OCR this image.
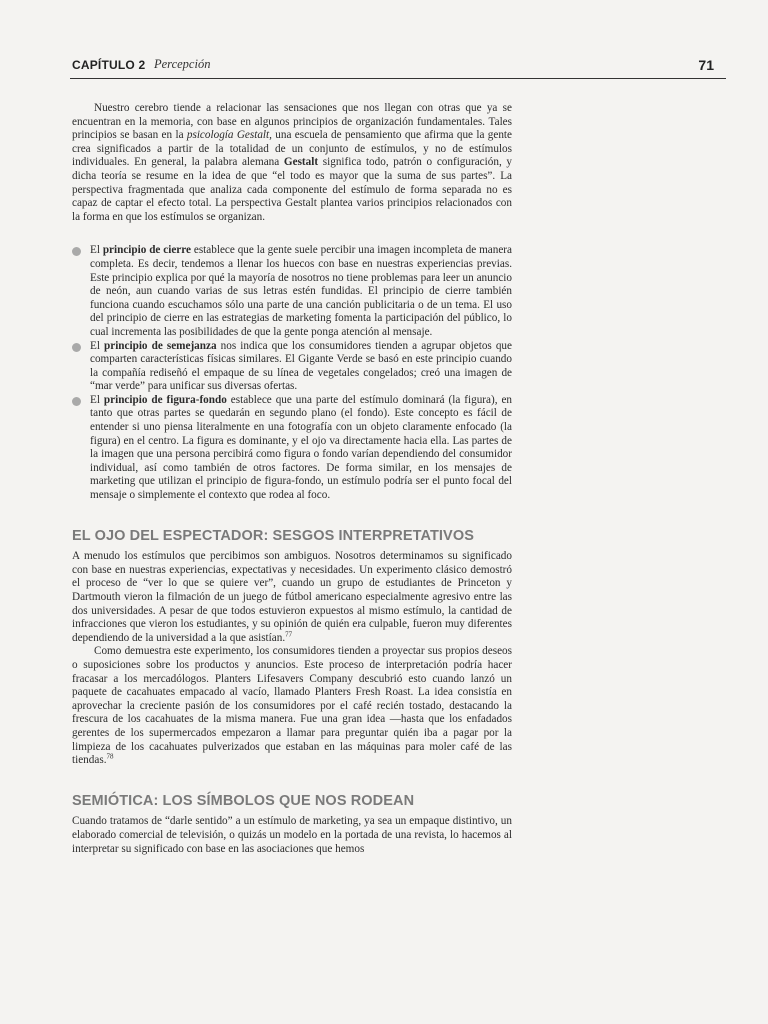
CAPÍTULO 2 Percepción	71

Nuestro cerebro tiende a relacionar las sensaciones que nos llegan con otras que ya se encuentran en la memoria, con base en algunos principios de organización fundamentales. Tales principios se basan en la psicología Gestalt, una escuela de pensamiento que afirma que la gente crea significados a partir de la totalidad de un conjunto de estímulos, y no de estímulos individuales. En general, la palabra alemana Gestalt significa todo, patrón o configuración, y dicha teoría se resume en la idea de que “el todo es mayor que la suma de sus partes”. La perspectiva fragmentada que analiza cada componente del estímulo de forma separada no es capaz de captar el efecto total. La perspectiva Gestalt plantea varios principios relacionados con la forma en que los estímulos se organizan.

El principio de cierre establece que la gente suele percibir una imagen incompleta de manera completa. Es decir, tendemos a llenar los huecos con base en nuestras experiencias previas. Este principio explica por qué la mayoría de nosotros no tiene problemas para leer un anuncio de neón, aun cuando varias de sus letras estén fundidas. El principio de cierre también funciona cuando escuchamos sólo una parte de una canción publicitaria o de un tema. El uso del principio de cierre en las estrategias de marketing fomenta la participación del público, lo cual incrementa las posibilidades de que la gente ponga atención al mensaje.
El principio de semejanza nos indica que los consumidores tienden a agrupar objetos que comparten características físicas similares. El Gigante Verde se basó en este principio cuando la compañía rediseñó el empaque de su línea de vegetales congelados; creó una imagen de “mar verde” para unificar sus diversas ofertas.
El principio de figura-fondo establece que una parte del estímulo dominará (la figura), en tanto que otras partes se quedarán en segundo plano (el fondo). Este concepto es fácil de entender si uno piensa literalmente en una fotografía con un objeto claramente enfocado (la figura) en el centro. La figura es dominante, y el ojo va directamente hacia ella. Las partes de la imagen que una persona percibirá como figura o fondo varían dependiendo del consumidor individual, así como también de otros factores. De forma similar, en los mensajes de marketing que utilizan el principio de figura-fondo, un estímulo podría ser el punto focal del mensaje o simplemente el contexto que rodea al foco.
EL OJO DEL ESPECTADOR: SESGOS INTERPRETATIVOS

A menudo los estímulos que percibimos son ambiguos. Nosotros determinamos su significado con base en nuestras experiencias, expectativas y necesidades. Un experimento clásico demostró el proceso de “ver lo que se quiere ver”, cuando un grupo de estudiantes de Princeton y Dartmouth vieron la filmación de un juego de fútbol americano especialmente agresivo entre las dos universidades. A pesar de que todos estuvieron expuestos al mismo estímulo, la cantidad de infracciones que vieron los estudiantes, y su opinión de quién era culpable, fueron muy diferentes dependiendo de la universidad a la que asistían.$^{77}$

Como demuestra este experimento, los consumidores tienden a proyectar sus propios deseos o suposiciones sobre los productos y anuncios. Este proceso de interpretación podría hacer fracasar a los mercadólogos. Planters Lifesavers Company descubrió esto cuando lanzó un paquete de cacahuates empacado al vacío, llamado Planters Fresh Roast. La idea consistía en aprovechar la creciente pasión de los consumidores por el café recién tostado, destacando la frescura de los cacahuates de la misma manera. Fue una gran idea —hasta que los enfadados gerentes de los supermercados empezaron a llamar para preguntar quién iba a pagar por la limpieza de los cacahuates pulverizados que estaban en las máquinas para moler café de las tiendas.$^{78}$

SEMIÓTICA: LOS SÍMBOLOS QUE NOS RODEAN

Cuando tratamos de “darle sentido” a un estímulo de marketing, ya sea un empaque distintivo, un elaborado comercial de televisión, o quizás un modelo en la portada de una revista, lo hacemos al interpretar su significado con base en las asociaciones que hemos
